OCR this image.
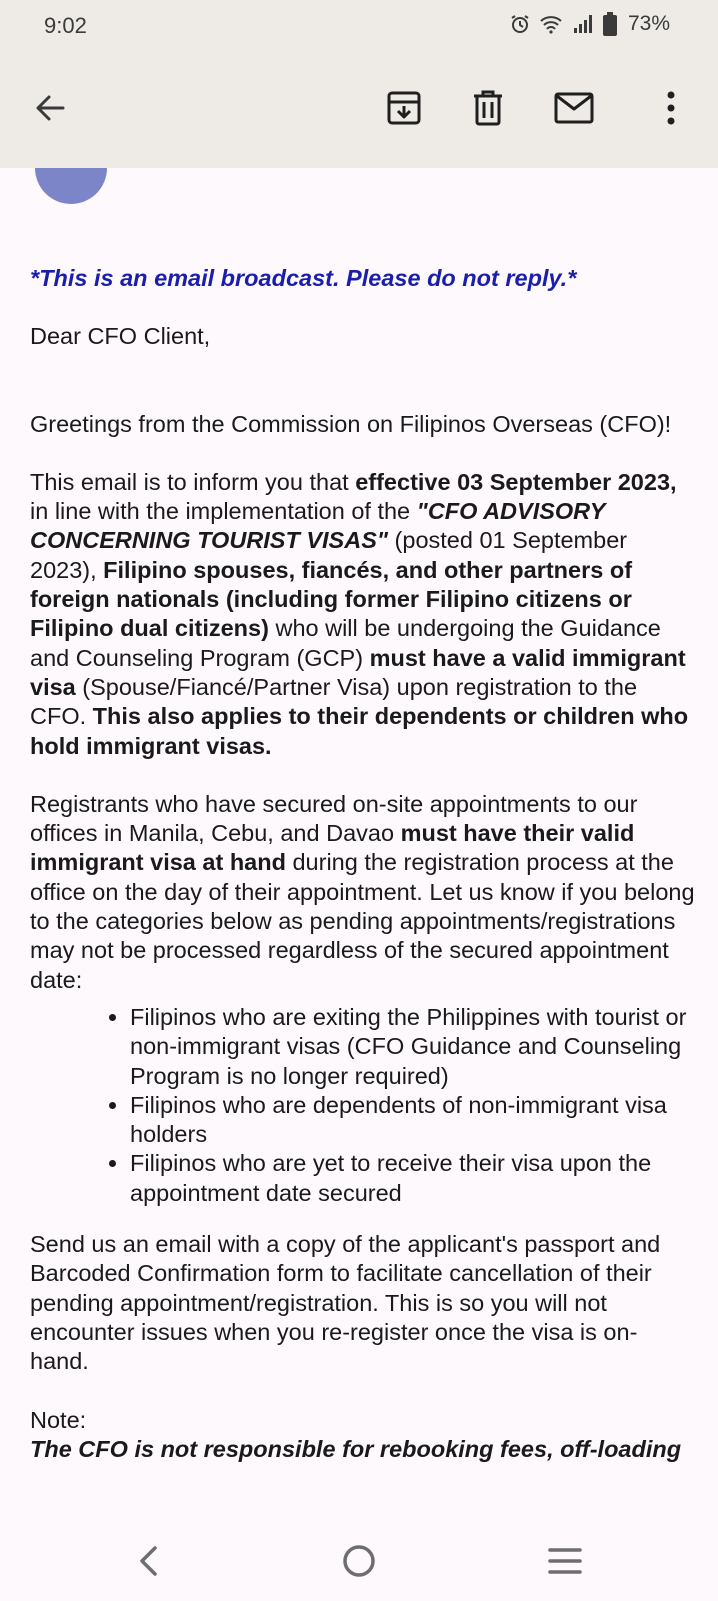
9:02	73%

*This is an email broadcast. Please do not reply.*

Dear CFO Client,

Greetings from the Commission on Filipinos Overseas (CFO)!

This email is to inform you that effective 03 September 2023, in line with the implementation of the "CFO ADVISORY CONCERNING TOURIST VISAS" (posted 01 September 2023), Filipino spouses, fiancés, and other partners of foreign nationals (including former Filipino citizens or Filipino dual citizens) who will be undergoing the Guidance and Counseling Program (GCP) must have a valid immigrant visa (Spouse/Fiancé/Partner Visa) upon registration to the CFO. This also applies to their dependents or children who hold immigrant visas.

Registrants who have secured on-site appointments to our offices in Manila, Cebu, and Davao must have their valid immigrant visa at hand during the registration process at the office on the day of their appointment. Let us know if you belong to the categories below as pending appointments/registrations may not be processed regardless of the secured appointment date:

• Filipinos who are exiting the Philippines with tourist or non-immigrant visas (CFO Guidance and Counseling Program is no longer required)
• Filipinos who are dependents of non-immigrant visa holders
• Filipinos who are yet to receive their visa upon the appointment date secured

Send us an email with a copy of the applicant's passport and Barcoded Confirmation form to facilitate cancellation of their pending appointment/registration. This is so you will not encounter issues when you re-register once the visa is on-hand.

Note:

The CFO is not responsible for rebooking fees, off-loading
